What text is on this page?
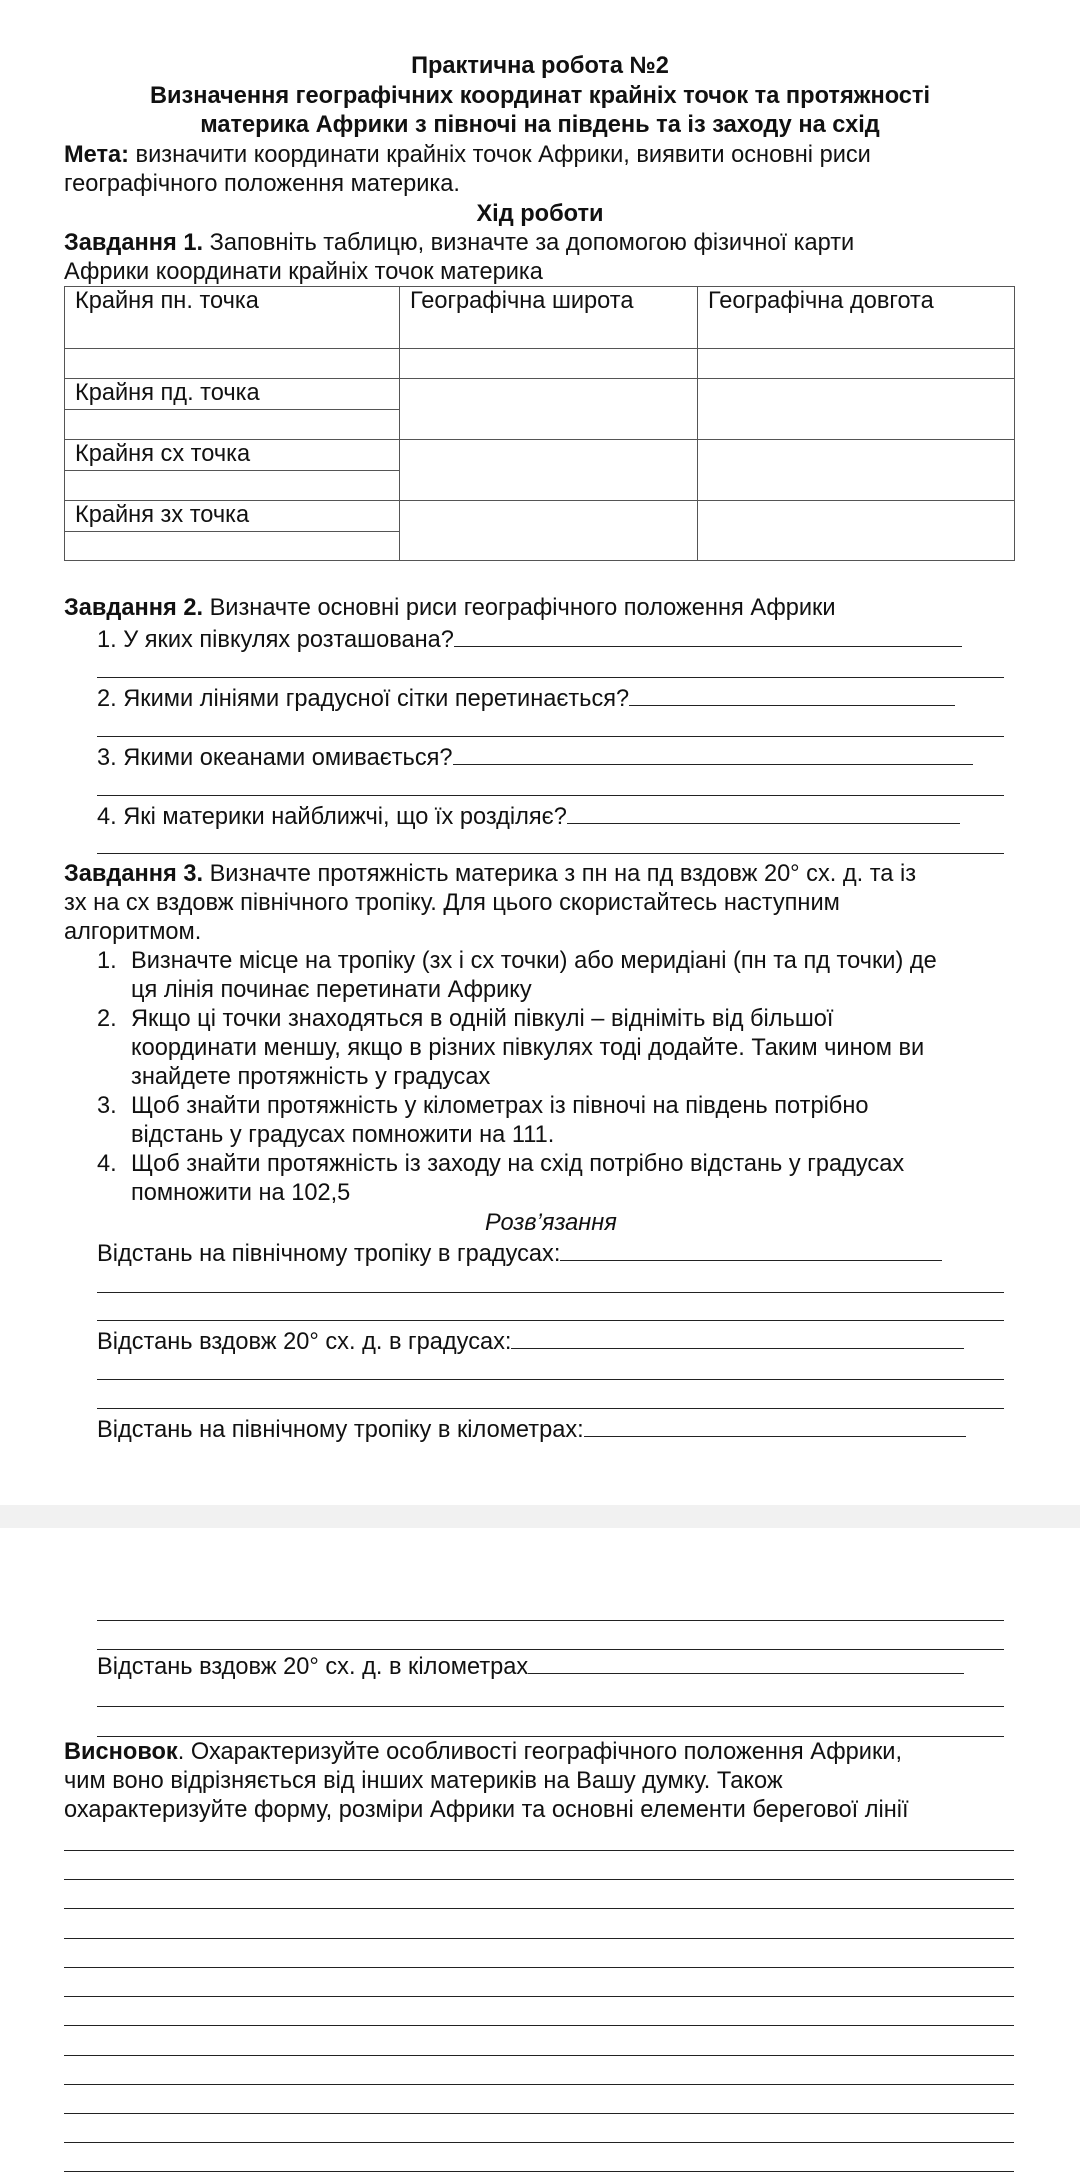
Практична робота №2
Визначення географічних координат крайніх точок та протяжності
материка Африки з півночі на південь та із заходу на схід
Мета: визначити координати крайніх точок Африки, виявити основні риси
географічного положення материка.
Хід роботи
Завдання 1. Заповніть таблицю, визначте за допомогою фізичної карти
Африки координати крайніх точок материка
Крайня пн. точка	Географічна широта	Географічна довгота

Крайня пд. точка		

Крайня сх точка		

Крайня зх точка		

Завдання 2. Визначте основні риси географічного положення Африки
1. У яких півкулях розташована?
2. Якими лініями градусної сітки перетинається?
3. Якими океанами омивається?
4. Які материки найближчі, що їх розділяє?
Завдання 3. Визначте протяжність материка з пн на пд вздовж 20° сх. д. та із
зх на сх вздовж північного тропіку. Для цього скористайтесь наступним
алгоритмом.
1. Визначте місце на тропіку (зх і сх точки) або меридіані (пн та пд точки) де
ця лінія починає перетинати Африку
2. Якщо ці точки знаходяться в одній півкулі – відніміть від більшої
координати меншу, якщо в різних півкулях тоді додайте. Таким чином ви
знайдете протяжність у градусах
3. Щоб знайти протяжність у кілометрах із півночі на південь потрібно
відстань у градусах помножити на 111.
4. Щоб знайти протяжність із заходу на схід потрібно відстань у градусах
помножити на 102,5
Розв’язання
Відстань на північному тропіку в градусах:
Відстань вздовж 20° сх. д. в градусах:
Відстань на північному тропіку в кілометрах:
Відстань вздовж 20° сх. д. в кілометрах
Висновок. Охарактеризуйте особливості географічного положення Африки,
чим воно відрізняється від інших материків на Вашу думку. Також
охарактеризуйте форму, розміри Африки та основні елементи берегової лінії
